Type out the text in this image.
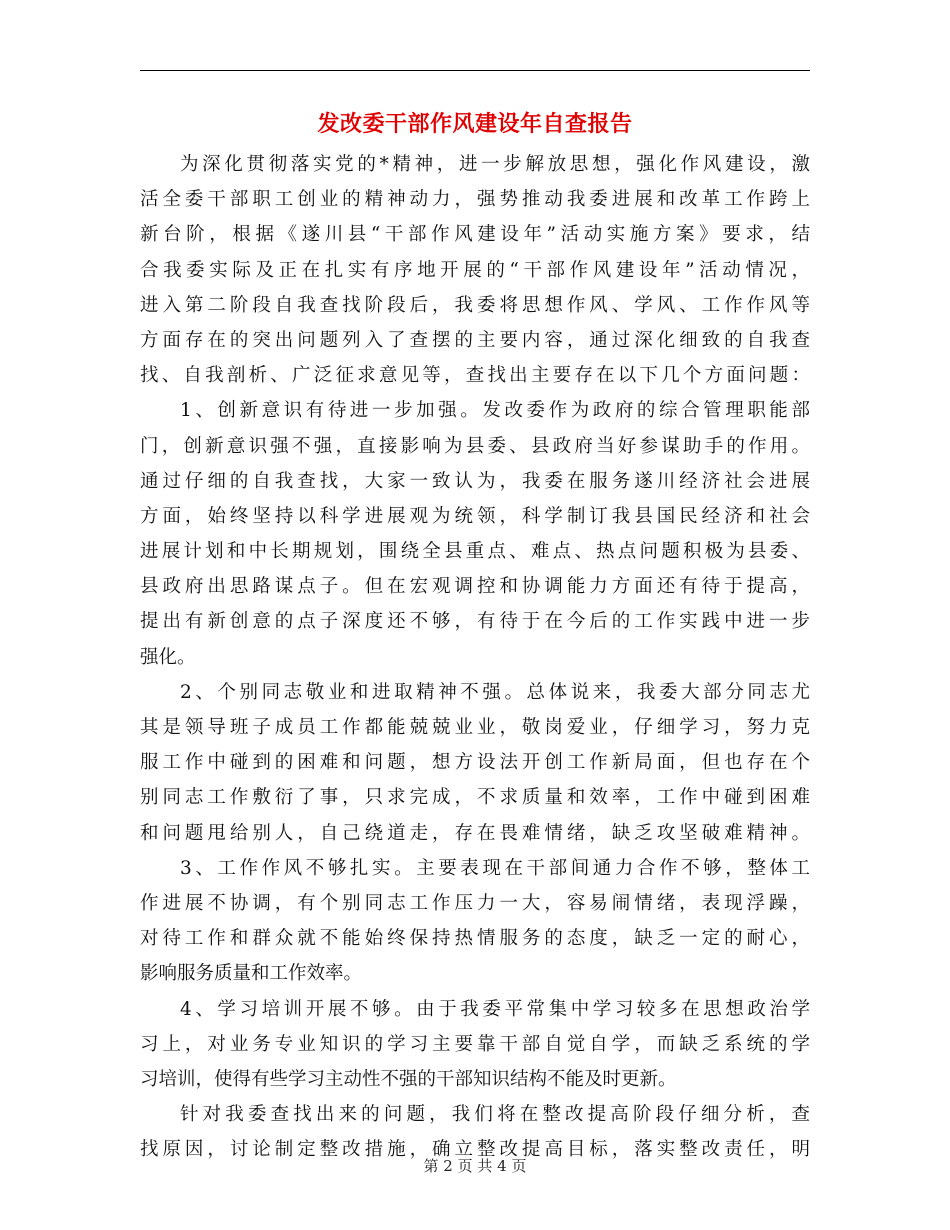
发改委干部作风建设年自查报告
为深化贯彻落实党的*精神，进一步解放思想，强化作风建设，激
活全委干部职工创业的精神动力，强势推动我委进展和改革工作跨上
新台阶，根据《遂川县“干部作风建设年”活动实施方案》要求，结
合我委实际及正在扎实有序地开展的“干部作风建设年”活动情况，
进入第二阶段自我查找阶段后，我委将思想作风、学风、工作作风等
方面存在的突出问题列入了查摆的主要内容，通过深化细致的自我查
找、自我剖析、广泛征求意见等，查找出主要存在以下几个方面问题：
1、创新意识有待进一步加强。发改委作为政府的综合管理职能部
门，创新意识强不强，直接影响为县委、县政府当好参谋助手的作用。
通过仔细的自我查找，大家一致认为，我委在服务遂川经济社会进展
方面，始终坚持以科学进展观为统领，科学制订我县国民经济和社会
进展计划和中长期规划，围绕全县重点、难点、热点问题积极为县委、
县政府出思路谋点子。但在宏观调控和协调能力方面还有待于提高，
提出有新创意的点子深度还不够，有待于在今后的工作实践中进一步
强化。
2、个别同志敬业和进取精神不强。总体说来，我委大部分同志尤
其是领导班子成员工作都能兢兢业业，敬岗爱业，仔细学习，努力克
服工作中碰到的困难和问题，想方设法开创工作新局面，但也存在个
别同志工作敷衍了事，只求完成，不求质量和效率，工作中碰到困难
和问题甩给别人，自己绕道走，存在畏难情绪，缺乏攻坚破难精神。
3、工作作风不够扎实。主要表现在干部间通力合作不够，整体工
作进展不协调，有个别同志工作压力一大，容易闹情绪，表现浮躁，
对待工作和群众就不能始终保持热情服务的态度，缺乏一定的耐心，
影响服务质量和工作效率。
4、学习培训开展不够。由于我委平常集中学习较多在思想政治学
习上，对业务专业知识的学习主要靠干部自觉自学，而缺乏系统的学
习培训，使得有些学习主动性不强的干部知识结构不能及时更新。
针对我委查找出来的问题，我们将在整改提高阶段仔细分析，查
找原因，讨论制定整改措施，确立整改提高目标，落实整改责任，明
第 2 页 共 4 页
